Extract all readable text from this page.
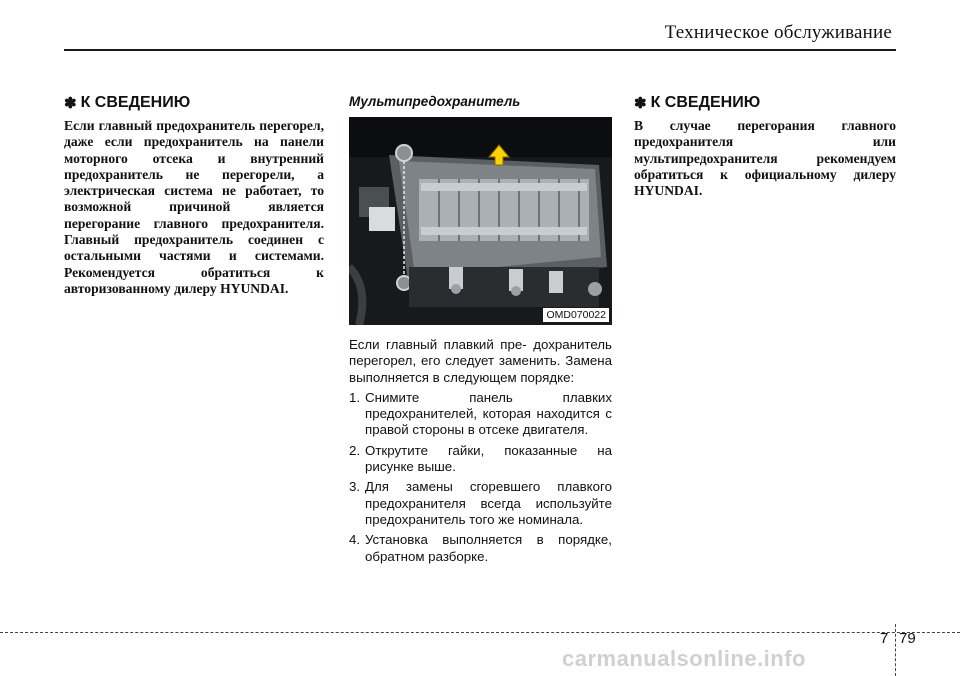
Техническое обслуживание
✽ К СВЕДЕНИЮ

Если главный предохранитель перегорел, даже если предохранитель на панели моторного отсека и внутренний предохранитель не перегорели, а электрическая система не работает, то возможной причиной является перегорание главного предохранителя. Главный предохранитель соединен с остальными частями и системами. Рекомендуется обратиться к авторизованному дилеру HYUNDAI.

Мультипредохранитель

OMD070022

Если главный плавкий пре- дохранитель перегорел, его следует заменить. Замена выполняется в следующем порядке:

1. Снимите панель плавких предохранителей, которая находится с правой стороны в отсеке двигателя.
2. Открутите гайки, показанные на рисунке выше.
3. Для замены сгоревшего плавкого предохранителя всегда используйте предохранитель того же номинала.
4. Установка выполняется в порядке, обратном разборке.
✽ К СВЕДЕНИЮ

В случае перегорания главного предохранителя или мультипредохранителя рекомендуем обратиться к официальному дилеру HYUNDAI.

7 79
carmanualsonline.info
